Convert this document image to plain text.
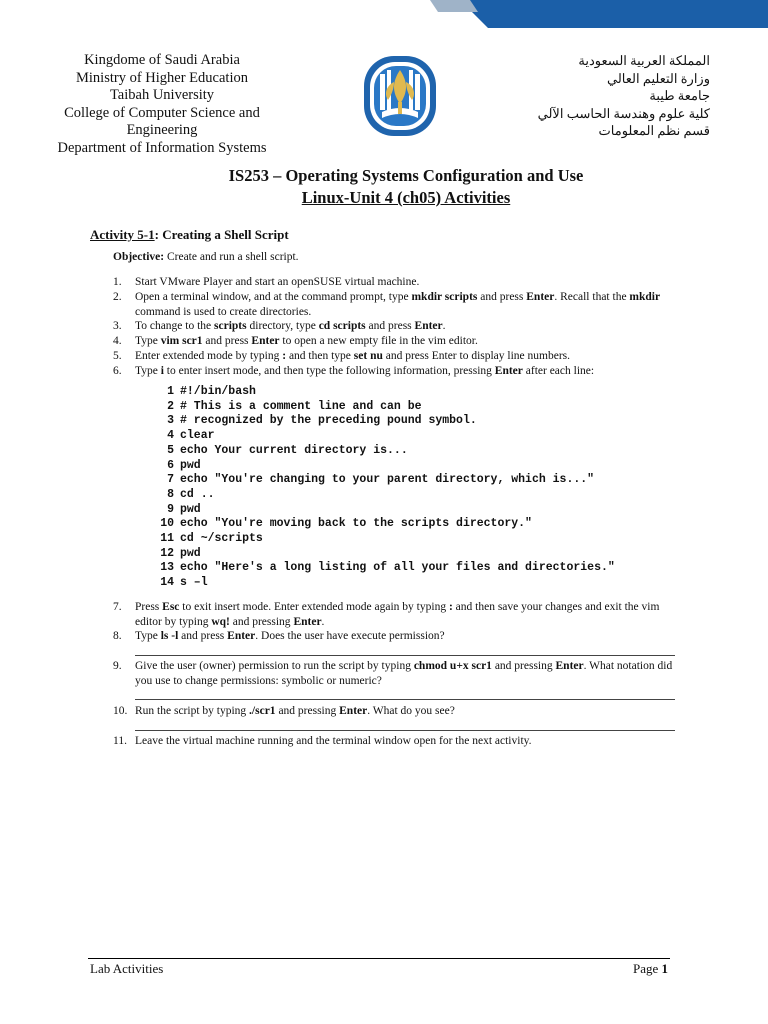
Kingdome of Saudi Arabia
Ministry of Higher Education
Taibah University
College of Computer Science and Engineering
Department of Information Systems
المملكة العربية السعودية
وزارة التعليم العالي
جامعة طيبة
كلية علوم وهندسة الحاسب الآلي
قسم نظم المعلومات
IS253 – Operating Systems Configuration and Use
Linux-Unit 4 (ch05) Activities
Activity 5-1: Creating a Shell Script
Objective: Create and run a shell script.
1.	Start VMware Player and start an openSUSE virtual machine.
2.	Open a terminal window, and at the command prompt, type mkdir scripts and press Enter. Recall that the mkdir command is used to create directories.
3.	To change to the scripts directory, type cd scripts and press Enter.
4.	Type vim scr1 and press Enter to open a new empty file in the vim editor.
5.	Enter extended mode by typing : and then type set nu and press Enter to display line numbers.
6.	Type i to enter insert mode, and then type the following information, pressing Enter after each line:
1 #!/bin/bash
2 # This is a comment line and can be
3 # recognized by the preceding pound symbol.
4 clear
5 echo Your current directory is...
6 pwd
7 echo "You're changing to your parent directory, which is..."
8 cd ..
9 pwd
10 echo "You're moving back to the scripts directory."
11 cd ~/scripts
12 pwd
13 echo "Here's a long listing of all your files and directories."
14 s –l
7.	Press Esc to exit insert mode. Enter extended mode again by typing : and then save your changes and exit the vim editor by typing wq! and pressing Enter.
8.	Type ls -l and press Enter. Does the user have execute permission?
9.	Give the user (owner) permission to run the script by typing chmod u+x scr1 and pressing Enter. What notation did you use to change permissions: symbolic or numeric?
10. Run the script by typing ./scr1 and pressing Enter. What do you see?
11. Leave the virtual machine running and the terminal window open for the next activity.
Lab Activities	Page 1
